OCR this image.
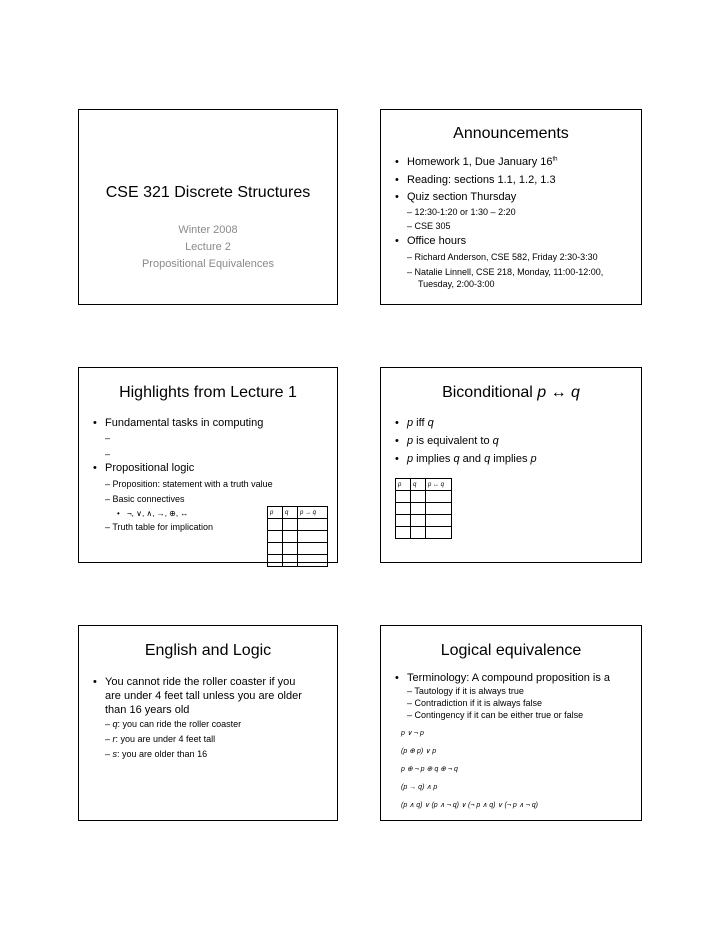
CSE 321 Discrete Structures
Winter 2008
Lecture 2
Propositional Equivalences
Announcements
• Homework 1, Due January 16th
• Reading: sections 1.1, 1.2, 1.3
• Quiz section Thursday
– 12:30-1:20 or 1:30 – 2:20
– CSE 305
• Office hours
– Richard Anderson, CSE 582, Friday 2:30-3:30
– Natalie Linnell, CSE 218, Monday, 11:00-12:00,
Tuesday, 2:00-3:00
Highlights from Lecture 1
• Fundamental tasks in computing
–
–
• Propositional logic
– Proposition: statement with a truth value
– Basic connectives
• ¬, ∨, ∧, →, ⊕, ↔
– Truth table for implication
p	q	p → q

Biconditional p ↔ q
• p iff q
• p is equivalent to q
• p implies q and q implies p
p	q	p ↔ q

English and Logic
• You cannot ride the roller coaster if you
are under 4 feet tall unless you are older
than 16 years old
– q: you can ride the roller coaster
– r: you are under 4 feet tall
– s: you are older than 16
Logical equivalence
• Terminology: A compound proposition is a
– Tautology if it is always true
– Contradiction if it is always false
– Contingency if it can be either true or false
p ∨ ¬ p
(p ⊕ p) ∨ p
p ⊕ ¬ p ⊕ q ⊕ ¬ q
(p → q) ∧ p
(p ∧ q) ∨ (p ∧ ¬ q) ∨ (¬ p ∧ q) ∨ (¬ p ∧ ¬ q)
